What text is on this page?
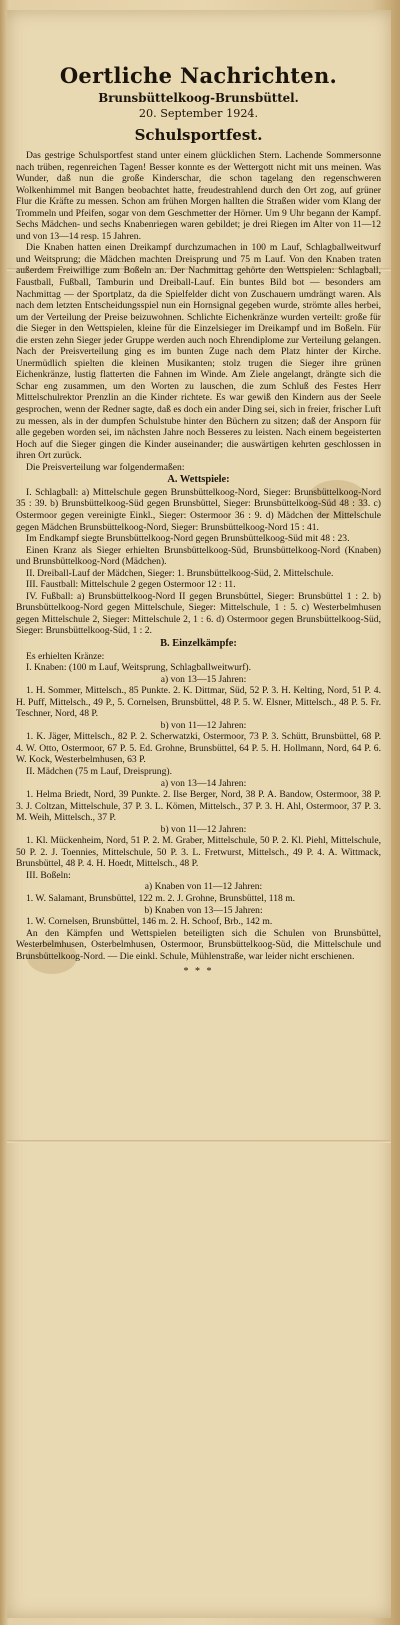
Oertliche Nachrichten.
Brunsbüttelkoog-Brunsbüttel.
20. September 1924.
Schulsportfest.

Das gestrige Schulsportfest stand unter einem glücklichen Stern. Lachende Sommersonne nach trüben, regenreichen Tagen! Besser konnte es der Wettergott nicht mit uns meinen. Was Wunder, daß nun die große Kinderschar, die schon tagelang den regenschweren Wolkenhimmel mit Bangen beobachtet hatte, freudestrahlend durch den Ort zog, auf grüner Flur die Kräfte zu messen. Schon am frühen Morgen hallten die Straßen wider vom Klang der Trommeln und Pfeifen, sogar von dem Geschmetter der Hörner. Um 9 Uhr begann der Kampf. Sechs Mädchen- und sechs Knabenriegen waren gebildet; je drei Riegen im Alter von 11—12 und von 13—14 resp. 15 Jahren.

Die Knaben hatten einen Dreikampf durchzumachen in 100 m Lauf, Schlagballweitwurf und Weitsprung; die Mädchen machten Dreisprung und 75 m Lauf. Von den Knaben traten außerdem Freiwillige zum Boßeln an. Der Nachmittag gehörte den Wettspielen: Schlagball, Faustball, Fußball, Tamburin und Dreiball-Lauf. Ein buntes Bild bot — besonders am Nachmittag — der Sportplatz, da die Spielfelder dicht von Zuschauern umdrängt waren. Als nach dem letzten Entscheidungsspiel nun ein Hornsignal gegeben wurde, strömte alles herbei, um der Verteilung der Preise beizuwohnen. Schlichte Eichenkränze wurden verteilt: große für die Sieger in den Wettspielen, kleine für die Einzelsieger im Dreikampf und im Boßeln. Für die ersten zehn Sieger jeder Gruppe werden auch noch Ehrendiplome zur Verteilung gelangen. Nach der Preisverteilung ging es im bunten Zuge nach dem Platz hinter der Kirche. Unermüdlich spielten die kleinen Musikanten; stolz trugen die Sieger ihre grünen Eichenkränze, lustig flatterten die Fahnen im Winde. Am Ziele angelangt, drängte sich die Schar eng zusammen, um den Worten zu lauschen, die zum Schluß des Festes Herr Mittelschulrektor Prenzlin an die Kinder richtete. Es war gewiß den Kindern aus der Seele gesprochen, wenn der Redner sagte, daß es doch ein ander Ding sei, sich in freier, frischer Luft zu messen, als in der dumpfen Schulstube hinter den Büchern zu sitzen; daß der Ansporn für alle gegeben worden sei, im nächsten Jahre noch Besseres zu leisten. Nach einem begeisterten Hoch auf die Sieger gingen die Kinder auseinander; die auswärtigen kehrten geschlossen in ihren Ort zurück.

Die Preisverteilung war folgendermaßen:

A. Wettspiele:

I. Schlagball: a) Mittelschule gegen Brunsbüttelkoog-Nord, Sieger: Brunsbüttelkoog-Nord 35 : 39. b) Brunsbüttelkoog-Süd gegen Brunsbüttel, Sieger: Brunsbüttelkoog-Süd 48 : 33. c) Ostermoor gegen vereinigte Einkl., Sieger: Ostermoor 36 : 9. d) Mädchen der Mittelschule gegen Mädchen Brunsbüttelkoog-Nord, Sieger: Brunsbüttelkoog-Nord 15 : 41.

Im Endkampf siegte Brunsbüttelkoog-Nord gegen Brunsbüttelkoog-Süd mit 48 : 23.

Einen Kranz als Sieger erhielten Brunsbüttelkoog-Süd, Brunsbüttelkoog-Nord (Knaben) und Brunsbüttelkoog-Nord (Mädchen).

II. Dreiball-Lauf der Mädchen, Sieger: 1. Brunsbüttelkoog-Süd, 2. Mittelschule.

III. Faustball: Mittelschule 2 gegen Ostermoor 12 : 11.

IV. Fußball: a) Brunsbüttelkoog-Nord II gegen Brunsbüttel, Sieger: Brunsbüttel 1 : 2. b) Brunsbüttelkoog-Nord gegen Mittelschule, Sieger: Mittelschule, 1 : 5. c) Westerbelmhusen gegen Mittelschule 2, Sieger: Mittelschule 2, 1 : 6. d) Ostermoor gegen Brunsbüttelkoog-Süd, Sieger: Brunsbüttelkoog-Süd, 1 : 2.

B. Einzelkämpfe:

Es erhielten Kränze:

I. Knaben: (100 m Lauf, Weitsprung, Schlagballweitwurf).

a) von 13—15 Jahren:

1. H. Sommer, Mittelsch., 85 Punkte. 2. K. Dittmar, Süd, 52 P. 3. H. Kelting, Nord, 51 P. 4. H. Puff, Mittelsch., 49 P., 5. Cornelsen, Brunsbüttel, 48 P. 5. W. Elsner, Mittelsch., 48 P. 5. Fr. Teschner, Nord, 48 P.

b) von 11—12 Jahren:

1. K. Jäger, Mittelsch., 82 P. 2. Scherwatzki, Ostermoor, 73 P. 3. Schütt, Brunsbüttel, 68 P. 4. W. Otto, Ostermoor, 67 P. 5. Ed. Grohne, Brunsbüttel, 64 P. 5. H. Hollmann, Nord, 64 P. 6. W. Kock, Westerbelmhusen, 63 P.

II. Mädchen (75 m Lauf, Dreisprung).

a) von 13—14 Jahren:

1. Helma Briedt, Nord, 39 Punkte. 2. Ilse Berger, Nord, 38 P. A. Bandow, Ostermoor, 38 P. 3. J. Coltzan, Mittelschule, 37 P. 3. L. Kömen, Mittelsch., 37 P. 3. H. Ahl, Ostermoor, 37 P. 3. M. Weih, Mittelsch., 37 P.

b) von 11—12 Jahren:

1. Kl. Mückenheim, Nord, 51 P. 2. M. Graber, Mittelschule, 50 P. 2. Kl. Piehl, Mittelschule, 50 P. 2. J. Toennies, Mittelschule, 50 P. 3. L. Fretwurst, Mittelsch., 49 P. 4. A. Wittmack, Brunsbüttel, 48 P. 4. H. Hoedt, Mittelsch., 48 P.

III. Boßeln:

a) Knaben von 11—12 Jahren:

1. W. Salamant, Brunsbüttel, 122 m. 2. J. Grohne, Brunsbüttel, 118 m.

b) Knaben von 13—15 Jahren:

1. W. Cornelsen, Brunsbüttel, 146 m. 2. H. Schoof, Brb., 142 m.

An den Kämpfen und Wettspielen beteiligten sich die Schulen von Brunsbüttel, Westerbelmhusen, Osterbelmhusen, Ostermoor, Brunsbüttelkoog-Süd, die Mittelschule und Brunsbüttelkoog-Nord. — Die einkl. Schule, Mühlenstraße, war leider nicht erschienen.

* * *
